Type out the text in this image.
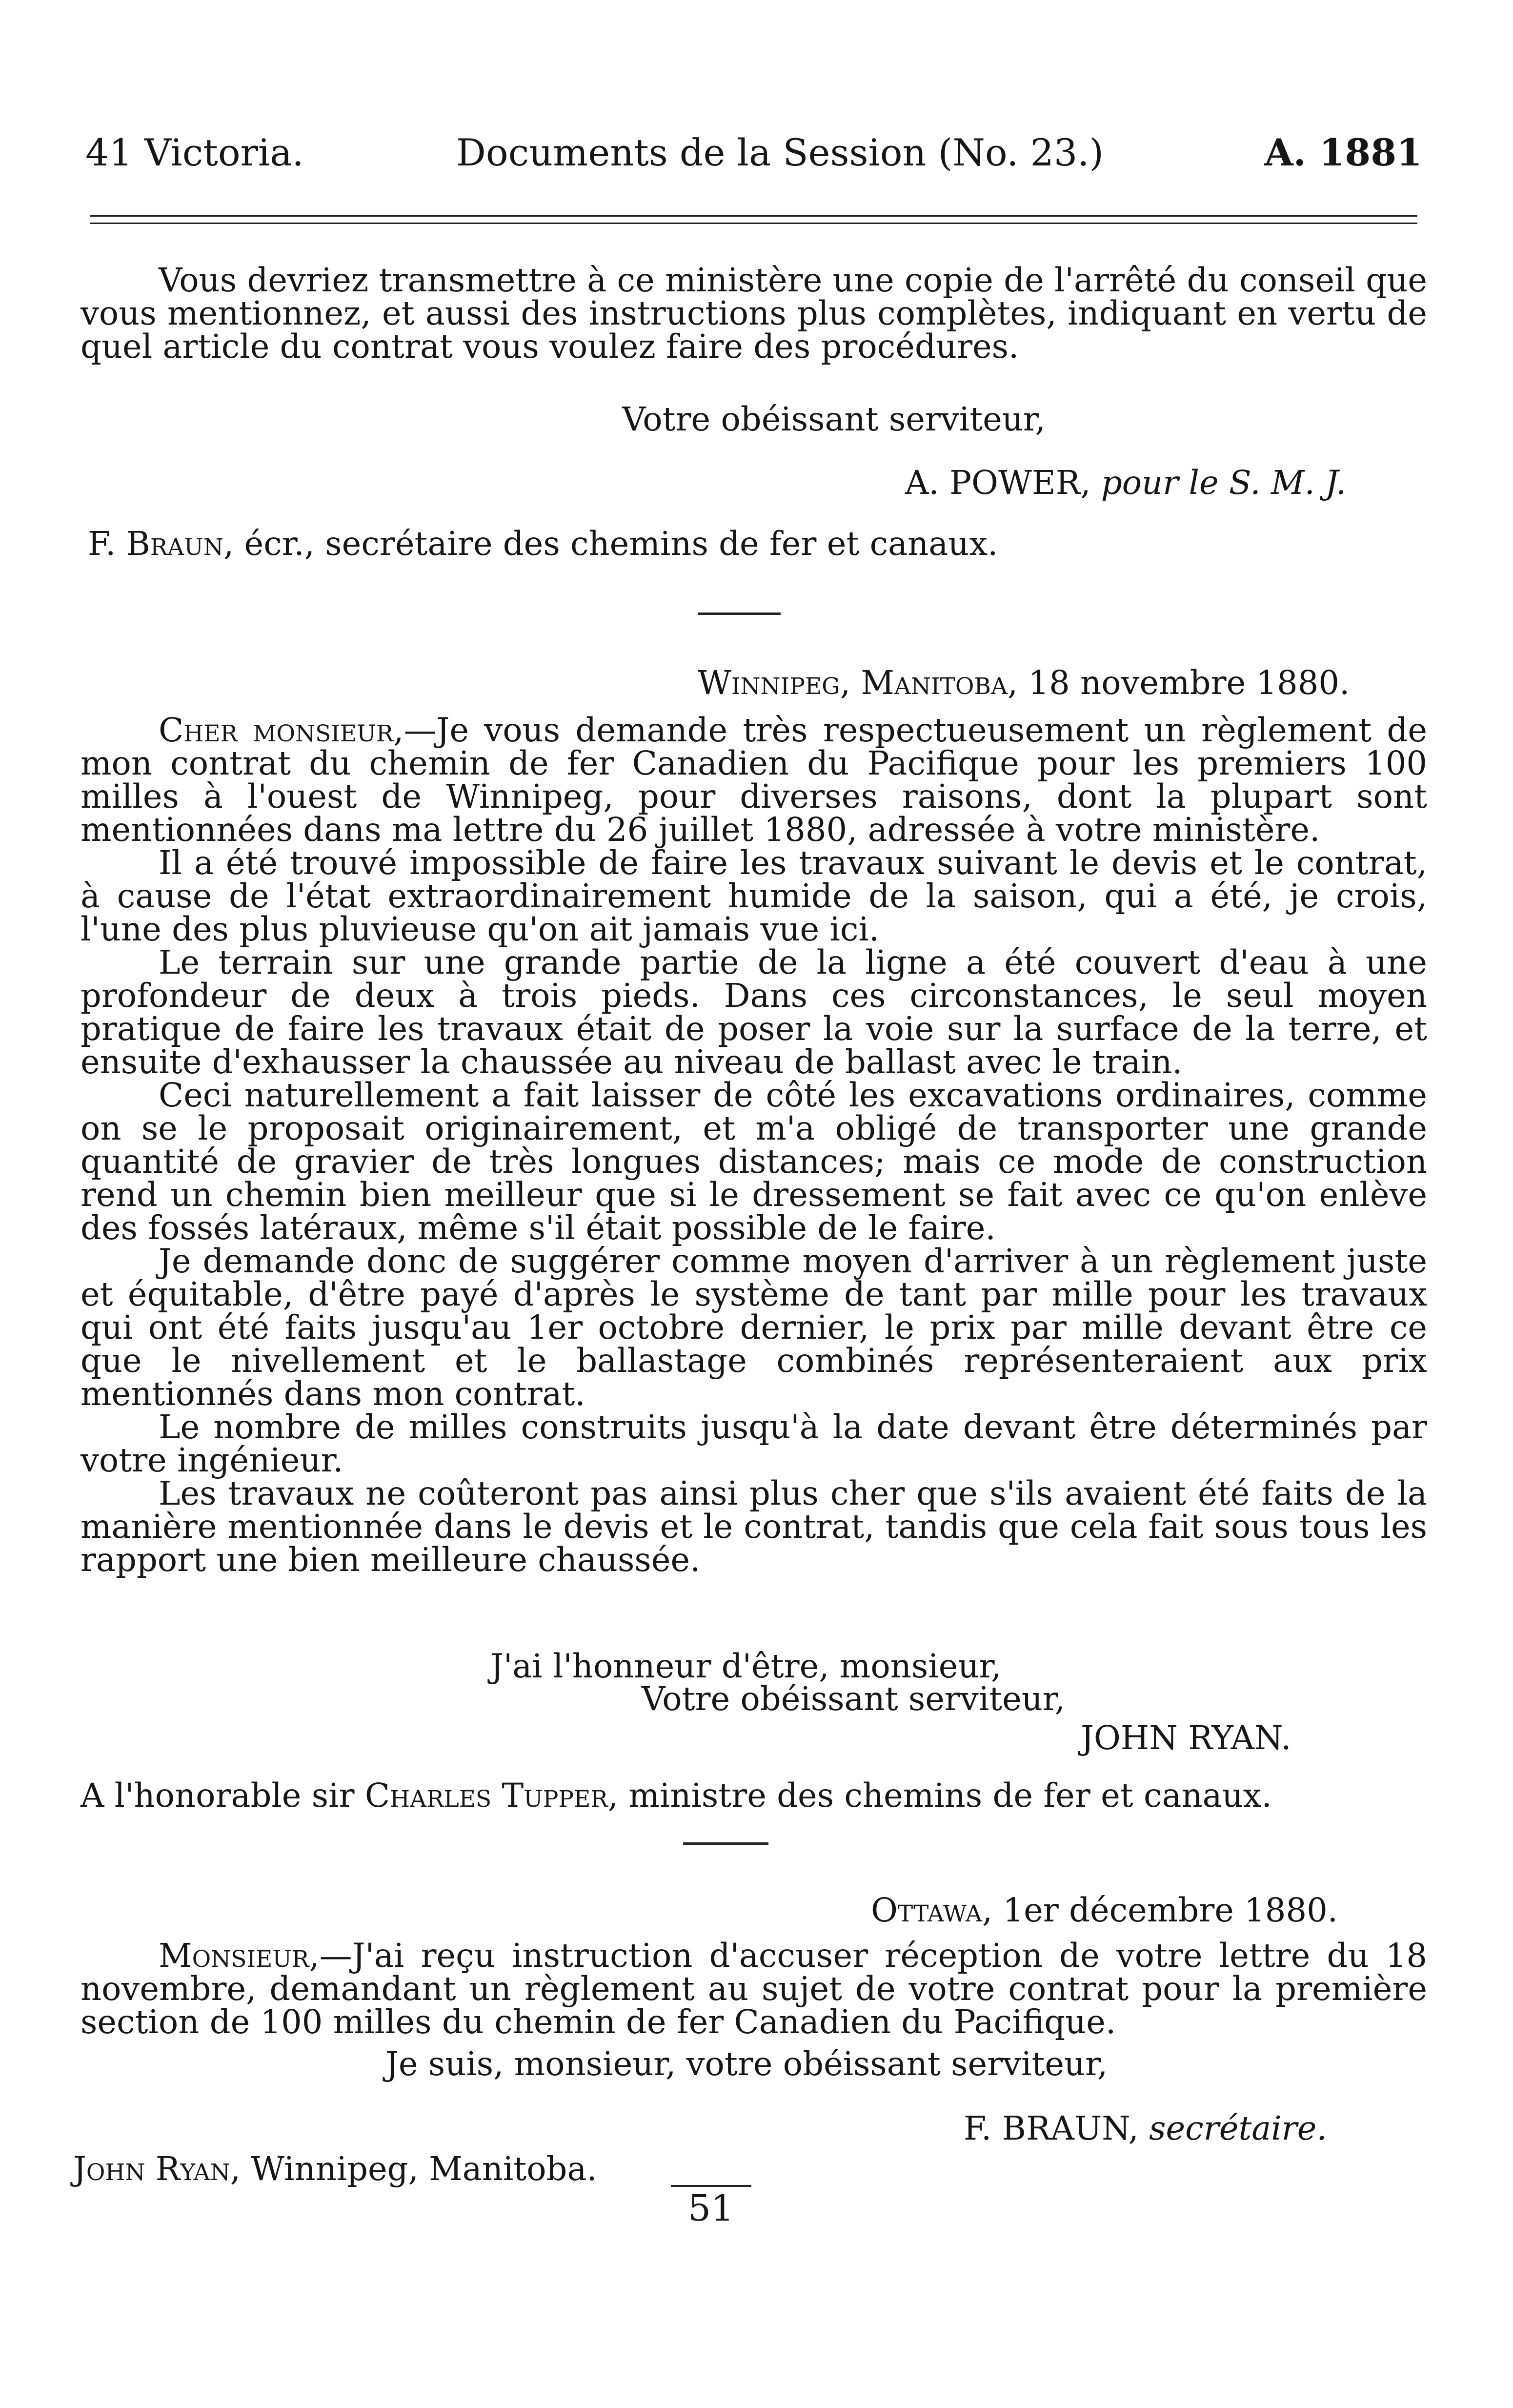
41 Victoria.	Documents de la Session (No. 23.)	A. 1881

Vous devriez transmettre à ce ministère une copie de l'arrêté du conseil que vous mentionnez, et aussi des instructions plus complètes, indiquant en vertu de quel article du contrat vous voulez faire des procédures.

Votre obéissant serviteur,
A. POWER, pour le S. M. J.
F. Braun, écr., secrétaire des chemins de fer et canaux.
Winnipeg, Manitoba, 18 novembre 1880.

Cher monsieur,—Je vous demande très respectueusement un règlement de mon contrat du chemin de fer Canadien du Pacifique pour les premiers 100 milles à l'ouest de Winnipeg, pour diverses raisons, dont la plupart sont mentionnées dans ma lettre du 26 juillet 1880, adressée à votre ministère.

Il a été trouvé impossible de faire les travaux suivant le devis et le contrat, à cause de l'état extraordinairement humide de la saison, qui a été, je crois, l'une des plus pluvieuse qu'on ait jamais vue ici.

Le terrain sur une grande partie de la ligne a été couvert d'eau à une profondeur de deux à trois pieds. Dans ces circonstances, le seul moyen pratique de faire les travaux était de poser la voie sur la surface de la terre, et ensuite d'exhausser la chaussée au niveau de ballast avec le train.

Ceci naturellement a fait laisser de côté les excavations ordinaires, comme on se le proposait originairement, et m'a obligé de transporter une grande quantité de gravier de très longues distances; mais ce mode de construction rend un chemin bien meilleur que si le dressement se fait avec ce qu'on enlève des fossés latéraux, même s'il était possible de le faire.

Je demande donc de suggérer comme moyen d'arriver à un règlement juste et équitable, d'être payé d'après le système de tant par mille pour les travaux qui ont été faits jusqu'au 1er octobre dernier, le prix par mille devant être ce que le nivellement et le ballastage combinés représenteraient aux prix mentionnés dans mon contrat.

Le nombre de milles construits jusqu'à la date devant être déterminés par votre ingénieur.

Les travaux ne coûteront pas ainsi plus cher que s'ils avaient été faits de la manière mentionnée dans le devis et le contrat, tandis que cela fait sous tous les rapport une bien meilleure chaussée.

J'ai l'honneur d'être, monsieur,
Votre obéissant serviteur,
JOHN RYAN.
A l'honorable sir Charles Tupper, ministre des chemins de fer et canaux.
Ottawa, 1er décembre 1880.

Monsieur,—J'ai reçu instruction d'accuser réception de votre lettre du 18 novembre, demandant un règlement au sujet de votre contrat pour la première section de 100 milles du chemin de fer Canadien du Pacifique.

Je suis, monsieur, votre obéissant serviteur,
F. BRAUN, secrétaire.
John Ryan, Winnipeg, Manitoba.
51
